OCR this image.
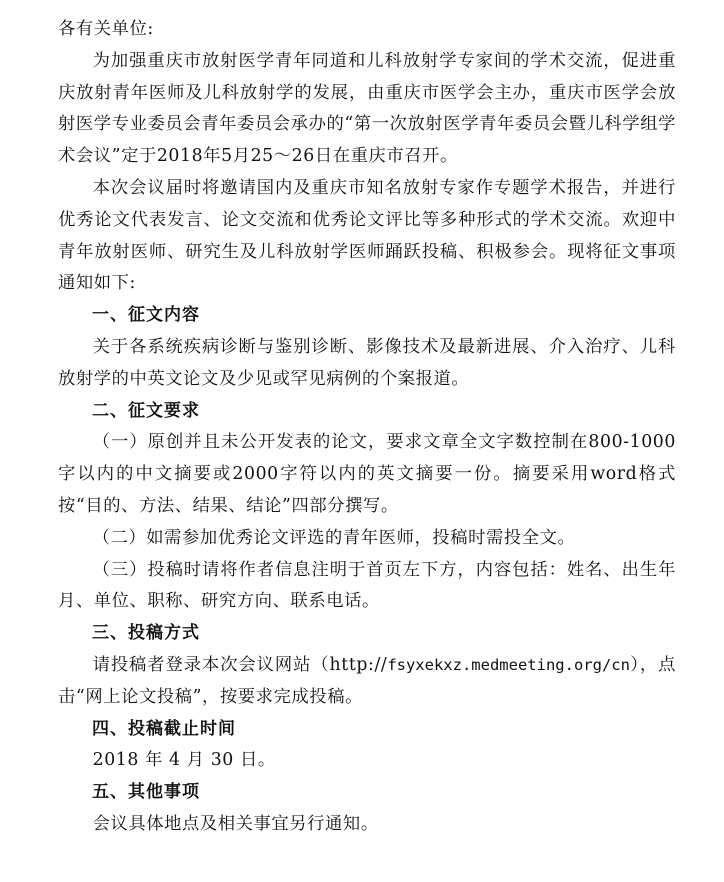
各有关单位:

为加强重庆市放射医学青年同道和儿科放射学专家间的学术交流，促进重庆放射青年医师及儿科放射学的发展，由重庆市医学会主办，重庆市医学会放射医学专业委员会青年委员会承办的“第一次放射医学青年委员会暨儿科学组学术会议”定于2018年5月25～26日在重庆市召开。

本次会议届时将邀请国内及重庆市知名放射专家作专题学术报告，并进行优秀论文代表发言、论文交流和优秀论文评比等多种形式的学术交流。欢迎中青年放射医师、研究生及儿科放射学医师踊跃投稿、积极参会。现将征文事项通知如下:

一、征文内容

关于各系统疾病诊断与鉴别诊断、影像技术及最新进展、介入治疗、儿科放射学的中英文论文及少见或罕见病例的个案报道。

二、征文要求

（一）原创并且未公开发表的论文，要求文章全文字数控制在800-1000字以内的中文摘要或2000字符以内的英文摘要一份。摘要采用word格式按“目的、方法、结果、结论”四部分撰写。

（二）如需参加优秀论文评选的青年医师，投稿时需投全文。

（三）投稿时请将作者信息注明于首页左下方，内容包括：姓名、出生年月、单位、职称、研究方向、联系电话。

三、投稿方式

请投稿者登录本次会议网站（http://fsyxekxz.medmeeting.org/cn），点击“网上论文投稿”，按要求完成投稿。

四、投稿截止时间

2018 年 4 月 30 日。

五、其他事项

会议具体地点及相关事宜另行通知。
